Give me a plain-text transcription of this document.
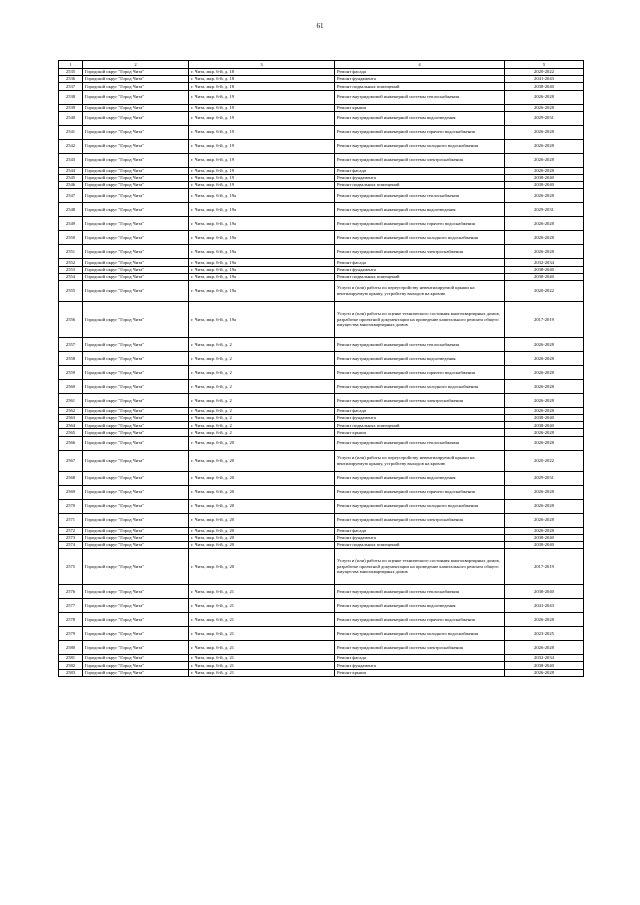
61
1	2	3	4	5
2535	Городской округ "Город Чита"	г. Чита, мкр. 6-й, д. 18	Ремонт фасада	2020-2022
2536	Городской округ "Город Чита"	г. Чита, мкр. 6-й, д. 18	Ремонт фундамента	2041-2043
2537	Городской округ "Город Чита"	г. Чита, мкр. 6-й, д. 18	Ремонт подвальных помещений	2038-2040
2538	Городской округ "Город Чита"	г. Чита, мкр. 6-й, д. 19	Ремонт внутридомовой инженерной системы теплоснабжения	2026-2028
2539	Городской округ "Город Чита"	г. Чита, мкр. 6-й, д. 19	Ремонт крыши	2026-2028
2540	Городской округ "Город Чита"	г. Чита, мкр. 6-й, д. 19	Ремонт внутридомовой инженерной системы водоотведения	2029-2031
2541	Городской округ "Город Чита"	г. Чита, мкр. 6-й, д. 19	Ремонт внутридомовой инженерной системы горячего водоснабжения	2026-2028
2542	Городской округ "Город Чита"	г. Чита, мкр. 6-й, д. 19	Ремонт внутридомовой инженерной системы холодного водоснабжения	2026-2028
2543	Городской округ "Город Чита"	г. Чита, мкр. 6-й, д. 19	Ремонт внутридомовой инженерной системы электроснабжения	2026-2028
2544	Городской округ "Город Чита"	г. Чита, мкр. 6-й, д. 19	Ремонт фасада	2026-2028
2545	Городской округ "Город Чита"	г. Чита, мкр. 6-й, д. 19	Ремонт фундамента	2038-2040
2546	Городской округ "Город Чита"	г. Чита, мкр. 6-й, д. 19	Ремонт подвальных помещений	2038-2040
2547	Городской округ "Город Чита"	г. Чита, мкр. 6-й, д. 19а	Ремонт внутридомовой инженерной системы теплоснабжения	2026-2028
2548	Городской округ "Город Чита"	г. Чита, мкр. 6-й, д. 19а	Ремонт внутридомовой инженерной системы водоотведения	2029-2031
2549	Городской округ "Город Чита"	г. Чита, мкр. 6-й, д. 19а	Ремонт внутридомовой инженерной системы горячего водоснабжения	2026-2028
2550	Городской округ "Город Чита"	г. Чита, мкр. 6-й, д. 19а	Ремонт внутридомовой инженерной системы холодного водоснабжения	2026-2028
2551	Городской округ "Город Чита"	г. Чита, мкр. 6-й, д. 19а	Ремонт внутридомовой инженерной системы электроснабжения	2026-2028
2552	Городской округ "Город Чита"	г. Чита, мкр. 6-й, д. 19а	Ремонт фасада	2032-2034
2553	Городской округ "Город Чита"	г. Чита, мкр. 6-й, д. 19а	Ремонт фундамента	2038-2040
2554	Городской округ "Город Чита"	г. Чита, мкр. 6-й, д. 19а	Ремонт подвальных помещений	2038-2040
2555	Городской округ "Город Чита"	г. Чита, мкр. 6-й, д. 19а	Услуги и (или) работы по переустройству невентилируемой крыши на вентилируемую крышу, устройству выходов на кровлю	2020-2022
2556	Городской округ "Город Чита"	г. Чита, мкр. 6-й, д. 19а	Услуги и (или) работы по оценке технического состояния многоквартирных домов, разработке проектной документации на проведение капитального ремонта общего имущества многоквартирных домов	2017-2019
2557	Городской округ "Город Чита"	г. Чита, мкр. 6-й, д. 2	Ремонт внутридомовой инженерной системы теплоснабжения	2026-2028
2558	Городской округ "Город Чита"	г. Чита, мкр. 6-й, д. 2	Ремонт внутридомовой инженерной системы водоотведения	2026-2028
2559	Городской округ "Город Чита"	г. Чита, мкр. 6-й, д. 2	Ремонт внутридомовой инженерной системы горячего водоснабжения	2026-2028
2560	Городской округ "Город Чита"	г. Чита, мкр. 6-й, д. 2	Ремонт внутридомовой инженерной системы холодного водоснабжения	2026-2028
2561	Городской округ "Город Чита"	г. Чита, мкр. 6-й, д. 2	Ремонт внутридомовой инженерной системы электроснабжения	2026-2028
2562	Городской округ "Город Чита"	г. Чита, мкр. 6-й, д. 2	Ремонт фасада	2026-2028
2563	Городской округ "Город Чита"	г. Чита, мкр. 6-й, д. 2	Ремонт фундамента	2038-2040
2564	Городской округ "Город Чита"	г. Чита, мкр. 6-й, д. 2	Ремонт подвальных помещений	2038-2040
2565	Городской округ "Город Чита"	г. Чита, мкр. 6-й, д. 2	Ремонт крыши	2026-2028
2566	Городской округ "Город Чита"	г. Чита, мкр. 6-й, д. 20	Ремонт внутридомовой инженерной системы теплоснабжения	2026-2028
2567	Городской округ "Город Чита"	г. Чита, мкр. 6-й, д. 20	Услуги и (или) работы по переустройству невентилируемой крыши на вентилируемую крышу, устройству выходов на кровлю	2020-2022
2568	Городской округ "Город Чита"	г. Чита, мкр. 6-й, д. 20	Ремонт внутридомовой инженерной системы водоотведения	2029-2031
2569	Городской округ "Город Чита"	г. Чита, мкр. 6-й, д. 20	Ремонт внутридомовой инженерной системы горячего водоснабжения	2026-2028
2570	Городской округ "Город Чита"	г. Чита, мкр. 6-й, д. 20	Ремонт внутридомовой инженерной системы холодного водоснабжения	2026-2028
2571	Городской округ "Город Чита"	г. Чита, мкр. 6-й, д. 20	Ремонт внутридомовой инженерной системы электроснабжения	2026-2028
2572	Городской округ "Город Чита"	г. Чита, мкр. 6-й, д. 20	Ремонт фасада	2026-2028
2573	Городской округ "Город Чита"	г. Чита, мкр. 6-й, д. 20	Ремонт фундамента	2038-2040
2574	Городской округ "Город Чита"	г. Чита, мкр. 6-й, д. 20	Ремонт подвальных помещений	2038-2040
2575	Городской округ "Город Чита"	г. Чита, мкр. 6-й, д. 20	Услуги и (или) работы по оценке технического состояния многоквартирных домов, разработке проектной документации на проведение капитального ремонта общего имущества многоквартирных домов	2017-2019
2576	Городской округ "Город Чита"	г. Чита, мкр. 6-й, д. 21	Ремонт внутридомовой инженерной системы теплоснабжения	2038-2040
2577	Городской округ "Город Чита"	г. Чита, мкр. 6-й, д. 21	Ремонт внутридомовой инженерной системы водоотведения	2041-2043
2578	Городской округ "Город Чита"	г. Чита, мкр. 6-й, д. 21	Ремонт внутридомовой инженерной системы горячего водоснабжения	2026-2028
2579	Городской округ "Город Чита"	г. Чита, мкр. 6-й, д. 21	Ремонт внутридомовой инженерной системы холодного водоснабжения	2023-2025
2580	Городской округ "Город Чита"	г. Чита, мкр. 6-й, д. 21	Ремонт внутридомовой инженерной системы электроснабжения	2026-2028
2581	Городской округ "Город Чита"	г. Чита, мкр. 6-й, д. 21	Ремонт фасада	2032-2034
2582	Городской округ "Город Чита"	г. Чита, мкр. 6-й, д. 21	Ремонт фундамента	2038-2040
2583	Городской округ "Город Чита"	г. Чита, мкр. 6-й, д. 21	Ремонт крыши	2026-2028
